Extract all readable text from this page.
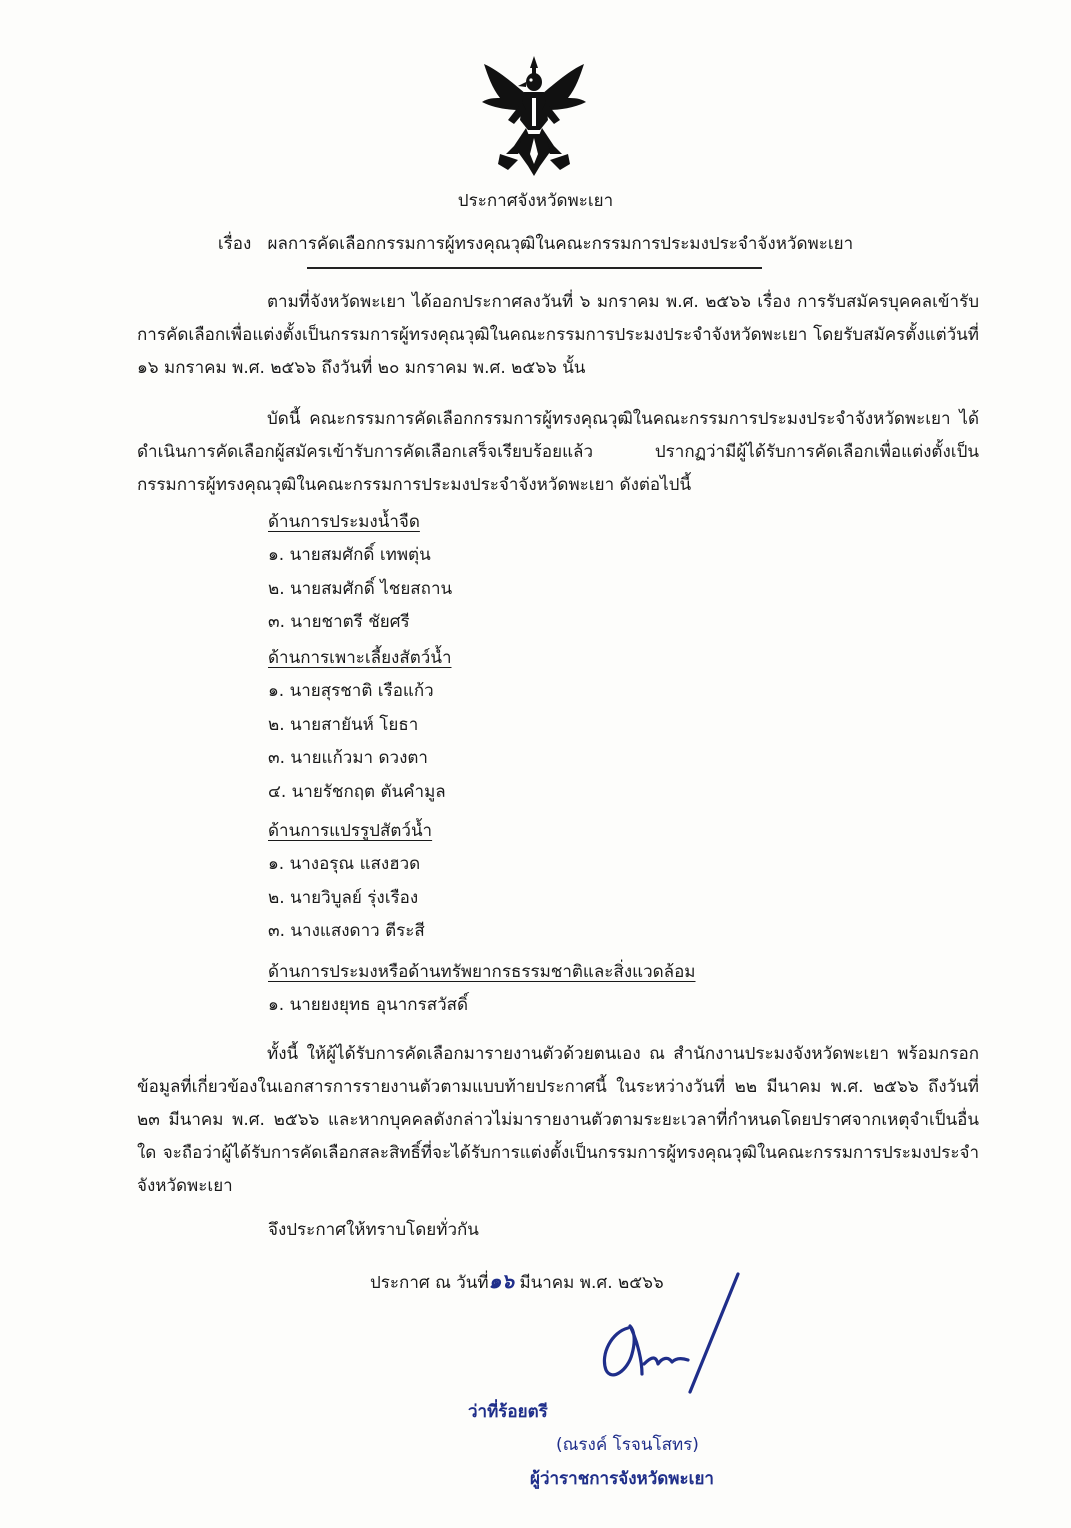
ประกาศจังหวัดพะเยา
เรื่อง ผลการคัดเลือกกรรมการผู้ทรงคุณวุฒิในคณะกรรมการประมงประจำจังหวัดพะเยา
ตามที่จังหวัดพะเยา ได้ออกประกาศลงวันที่ ๖ มกราคม พ.ศ. ๒๕๖๖ เรื่อง การรับสมัครบุคคลเข้ารับการคัดเลือกเพื่อแต่งตั้งเป็นกรรมการผู้ทรงคุณวุฒิในคณะกรรมการประมงประจำจังหวัดพะเยา โดยรับสมัครตั้งแต่วันที่ ๑๖ มกราคม พ.ศ. ๒๕๖๖ ถึงวันที่ ๒๐ มกราคม พ.ศ. ๒๕๖๖ นั้น
บัดนี้ คณะกรรมการคัดเลือกกรรมการผู้ทรงคุณวุฒิในคณะกรรมการประมงประจำจังหวัดพะเยา ได้ดำเนินการคัดเลือกผู้สมัครเข้ารับการคัดเลือกเสร็จเรียบร้อยแล้ว ปรากฏว่ามีผู้ได้รับการคัดเลือกเพื่อแต่งตั้งเป็นกรรมการผู้ทรงคุณวุฒิในคณะกรรมการประมงประจำจังหวัดพะเยา ดังต่อไปนี้
ด้านการประมงน้ำจืด
๑. นายสมศักดิ์ เทพตุ่น
๒. นายสมศักดิ์ ไชยสถาน
๓. นายชาตรี ชัยศรี
ด้านการเพาะเลี้ยงสัตว์น้ำ
๑. นายสุรชาติ เรือแก้ว
๒. นายสายันห์ โยธา
๓. นายแก้วมา ดวงตา
๔. นายรัชกฤต ตันคำมูล
ด้านการแปรรูปสัตว์น้ำ
๑. นางอรุณ แสงฮวด
๒. นายวิบูลย์ รุ่งเรือง
๓. นางแสงดาว ตีระสี
ด้านการประมงหรือด้านทรัพยากรธรรมชาติและสิ่งแวดล้อม
๑. นายยงยุทธ อุนากรสวัสดิ์
ทั้งนี้ ให้ผู้ได้รับการคัดเลือกมารายงานตัวด้วยตนเอง ณ สำนักงานประมงจังหวัดพะเยา พร้อมกรอกข้อมูลที่เกี่ยวข้องในเอกสารการรายงานตัวตามแบบท้ายประกาศนี้ ในระหว่างวันที่ ๒๒ มีนาคม พ.ศ. ๒๕๖๖ ถึงวันที่ ๒๓ มีนาคม พ.ศ. ๒๕๖๖ และหากบุคคลดังกล่าวไม่มารายงานตัวตามระยะเวลาที่กำหนดโดยปราศจากเหตุจำเป็นอื่นใด จะถือว่าผู้ได้รับการคัดเลือกสละสิทธิ์ที่จะได้รับการแต่งตั้งเป็นกรรมการผู้ทรงคุณวุฒิในคณะกรรมการประมงประจำจังหวัดพะเยา
จึงประกาศให้ทราบโดยทั่วกัน
ประกาศ ณ วันที่๑๖ มีนาคม พ.ศ. ๒๕๖๖
ว่าที่ร้อยตรี
(ณรงค์ โรจนโสทร)
ผู้ว่าราชการจังหวัดพะเยา
